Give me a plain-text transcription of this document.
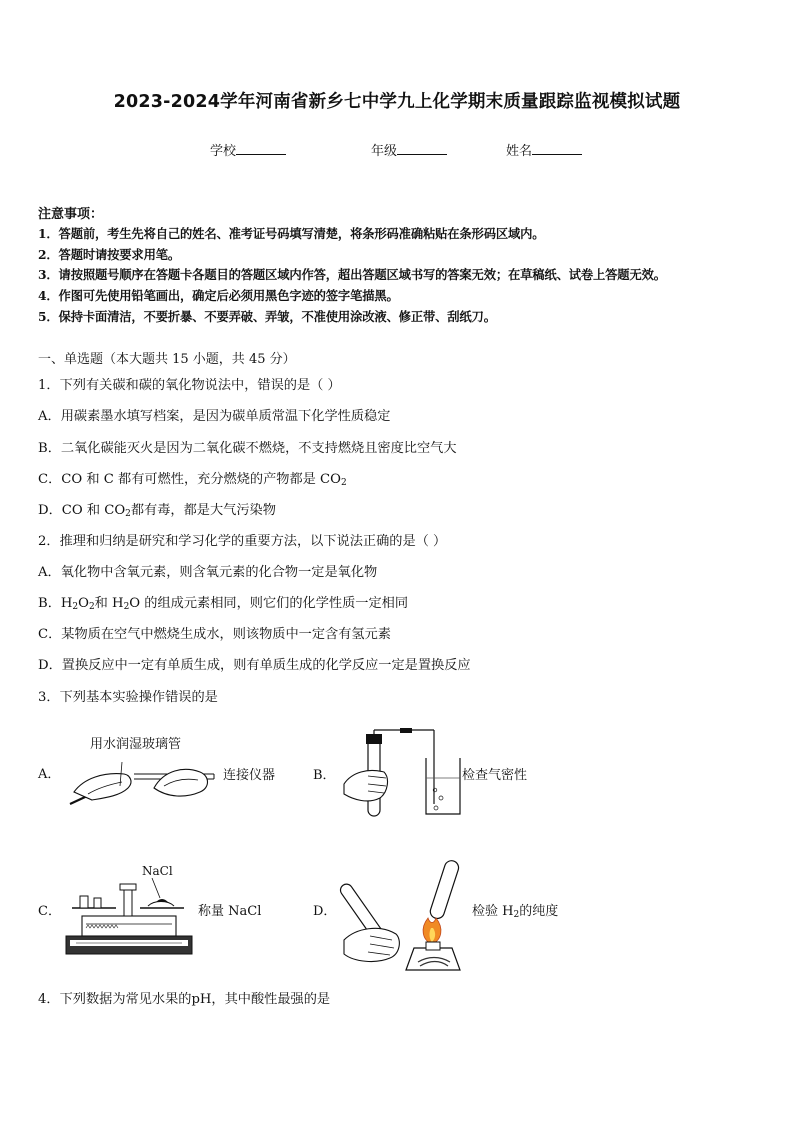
2023-2024学年河南省新乡七中学九上化学期末质量跟踪监视模拟试题
学校	年级	姓名
注意事项：
1．答题前，考生先将自己的姓名、准考证号码填写清楚，将条形码准确粘贴在条形码区域内。
2．答题时请按要求用笔。
3．请按照题号顺序在答题卡各题目的答题区域内作答，超出答题区域书写的答案无效；在草稿纸、试卷上答题无效。
4．作图可先使用铅笔画出，确定后必须用黑色字迹的签字笔描黑。
5．保持卡面清洁，不要折暴、不要弄破、弄皱，不准使用涂改液、修正带、刮纸刀。
一、单选题（本大题共 15 小题，共 45 分）
1．下列有关碳和碳的氧化物说法中，错误的是（ ）
A．用碳素墨水填写档案，是因为碳单质常温下化学性质稳定
B．二氧化碳能灭火是因为二氧化碳不燃烧，不支持燃烧且密度比空气大
C．CO 和 C 都有可燃性，充分燃烧的产物都是 $CO_2$
D．CO 和 $CO_2$都有毒，都是大气污染物
2．推理和归纳是研究和学习化学的重要方法，以下说法正确的是（ ）
A．氧化物中含氧元素，则含氧元素的化合物一定是氧化物
B．$H_2O_2$和 $H_2O$ 的组成元素相同，则它们的化学性质一定相同
C．某物质在空气中燃烧生成水，则该物质中一定含有氢元素
D．置换反应中一定有单质生成，则有单质生成的化学反应一定是置换反应
3．下列基本实验操作错误的是
A．
用水润湿玻璃管
连接仪器	B．	检查气密性
C．
NaCl
称量 NaCl	D．	检验 $H_2$的纯度
4．下列数据为常见水果的pH，其中酸性最强的是
